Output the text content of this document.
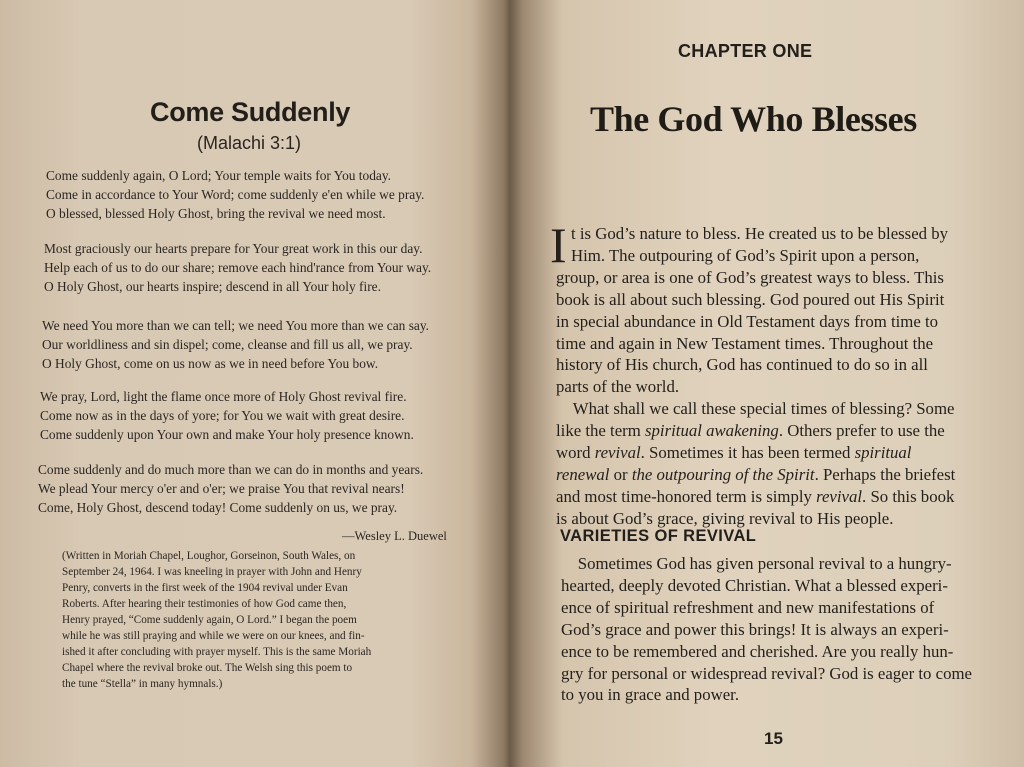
Come Suddenly

(Malachi 3:1)

Come suddenly again, O Lord; Your temple waits for You today.
Come in accordance to Your Word; come suddenly e'en while we pray.
O blessed, blessed Holy Ghost, bring the revival we need most.

Most graciously our hearts prepare for Your great work in this our day.
Help each of us to do our share; remove each hind'rance from Your way.
O Holy Ghost, our hearts inspire; descend in all Your holy fire.

We need You more than we can tell; we need You more than we can say.
Our worldliness and sin dispel; come, cleanse and fill us all, we pray.
O Holy Ghost, come on us now as we in need before You bow.

We pray, Lord, light the flame once more of Holy Ghost revival fire.
Come now as in the days of yore; for You we wait with great desire.
Come suddenly upon Your own and make Your holy presence known.

Come suddenly and do much more than we can do in months and years.
We plead Your mercy o'er and o'er; we praise You that revival nears!
Come, Holy Ghost, descend today! Come suddenly on us, we pray.

—Wesley L. Duewel

(Written in Moriah Chapel, Loughor, Gorseinon, South Wales, on
September 24, 1964. I was kneeling in prayer with John and Henry
Penry, converts in the first week of the 1904 revival under Evan
Roberts. After hearing their testimonies of how God came then,
Henry prayed, “Come suddenly again, O Lord.” I began the poem
while he was still praying and while we were on our knees, and fin-
ished it after concluding with prayer myself. This is the same Moriah
Chapel where the revival broke out. The Welsh sing this poem to
the tune “Stella” in many hymnals.)

CHAPTER ONE
The God Who Blesses
I t is God’s nature to bless. He created us to be blessed by
Him. The outpouring of God’s Spirit upon a person,
group, or area is one of God’s greatest ways to bless. This
book is all about such blessing. God poured out His Spirit
in special abundance in Old Testament days from time to
time and again in New Testament times. Throughout the
history of His church, God has continued to do so in all
parts of the world.

 What shall we call these special times of blessing? Some
like the term spiritual awakening. Others prefer to use the
word revival. Sometimes it has been termed spiritual
renewal or the outpouring of the Spirit. Perhaps the briefest
and most time-honored term is simply revival. So this book
is about God’s grace, giving revival to His people.

VARIETIES OF REVIVAL

 Sometimes God has given personal revival to a hungry-
hearted, deeply devoted Christian. What a blessed experi-
ence of spiritual refreshment and new manifestations of
God’s grace and power this brings! It is always an experi-
ence to be remembered and cherished. Are you really hun-
gry for personal or widespread revival? God is eager to come
to you in grace and power.

15
